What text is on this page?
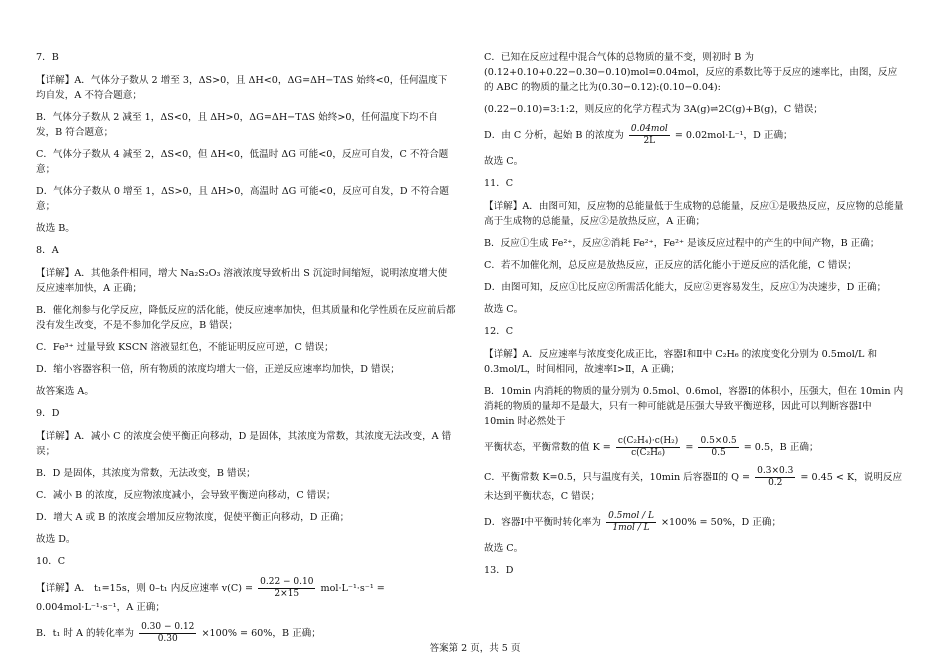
7．B

【详解】A．气体分子数从 2 增至 3，ΔS>0，且 ΔH<0，ΔG=ΔH−TΔS 始终<0，任何温度下均自发，A 不符合题意；

B．气体分子数从 2 减至 1，ΔS<0，且 ΔH>0，ΔG=ΔH−TΔS 始终>0，任何温度下均不自发，B 符合题意；

C．气体分子数从 4 减至 2，ΔS<0，但 ΔH<0，低温时 ΔG 可能<0，反应可自发，C 不符合题意；

D．气体分子数从 0 增至 1，ΔS>0，且 ΔH>0，高温时 ΔG 可能<0，反应可自发，D 不符合题意；

故选 B。

8．A

【详解】A．其他条件相同，增大 Na₂S₂O₃ 溶液浓度导致析出 S 沉淀时间缩短，说明浓度增大使反应速率加快，A 正确；

B．催化剂参与化学反应，降低反应的活化能，使反应速率加快，但其质量和化学性质在反应前后都没有发生改变，不是不参加化学反应，B 错误；

C．Fe³⁺ 过量导致 KSCN 溶液显红色，不能证明反应可逆，C 错误；

D．缩小容器容积一倍，所有物质的浓度均增大一倍，正逆反应速率均加快，D 错误；

故答案选 A。

9．D

【详解】A．减小 C 的浓度会使平衡正向移动，D 是固体，其浓度为常数，其浓度无法改变，A 错误；

B．D 是固体，其浓度为常数，无法改变，B 错误；

C．减小 B 的浓度，反应物浓度减小，会导致平衡逆向移动，C 错误；

D．增大 A 或 B 的浓度会增加反应物浓度，促使平衡正向移动，D 正确；

故选 D。

10．C

【详解】A． t₁=15s，则 0–t₁ 内反应速率 $v(C) = \frac{0.22 - 0.10}{2\times 15} mol\cdot L^{-1}\cdot s^{-1} = 0.004mol\cdot L^{-1}\cdot s^{-1}$，A 正确；

B．t₁ 时 A 的转化率为 $\frac{0.30 - 0.12}{0.30} \times 100\% = 60\%$，B 正确；

C．已知在反应过程中混合气体的总物质的量不变，则初时 B 为 (0.12+0.10+0.22−0.30−0.10)mol=0.04mol，反应的系数比等于反应的速率比，由图，反应的 ABC 的物质的量之比为(0.30−0.12):(0.10−0.04):

(0.22−0.10)=3:1:2，则反应的化学方程式为 3A(g)⇌2C(g)+B(g)，C 错误；

D．由 C 分析，起始 B 的浓度为 $\frac{\text{0.04mol}}{2L} = 0.02mol\cdot L^{-1}$，D 正确；

故选 C。

11．C

【详解】A．由图可知，反应物的总能量低于生成物的总能量，反应①是吸热反应，反应物的总能量高于生成物的总能量，反应②是放热反应，A 正确；

B．反应①生成 Fe²⁺，反应②消耗 Fe²⁺，Fe²⁺ 是该反应过程中的产生的中间产物，B 正确；

C．若不加催化剂，总反应是放热反应，正反应的活化能小于逆反应的活化能，C 错误；

D．由图可知，反应①比反应②所需活化能大，反应②更容易发生，反应①为决速步，D 正确；

故选 C。

12．C

【详解】A．反应速率与浓度变化成正比，容器Ⅰ和Ⅱ中 C₂H₆ 的浓度变化分别为 0.5mol/L 和 0.3mol/L，时间相同，故速率Ⅰ>Ⅱ，A 正确；

B．10min 内消耗的物质的量分别为 0.5mol、0.6mol，容器Ⅰ的体积小，压强大，但在 10min 内消耗的物质的量却不是最大，只有一种可能就是压强大导致平衡逆移，因此可以判断容器Ⅰ中 10min 时必然处于

平衡状态，平衡常数的值 $K = \frac{\text{c(C₂H₄)·c(H₂)}}{\text{c(C₂H₆)}} = \frac{0.5\times 0.5}{0.5} = 0.5$，B 正确；

C．平衡常数 K=0.5，只与温度有关，10min 后容器Ⅱ的 $Q = \frac{0.3\times 0.3}{0.2} = 0.45 < K$，说明反应未达到平衡状态，C 错误；

D．容器Ⅰ中平衡时转化率为 $\frac{\text{0.5mol / L}}{\text{1mol / L}} \times 100\% = 50\%$，D 正确；

故选 C。

13．D

答案第 2 页，共 5 页
